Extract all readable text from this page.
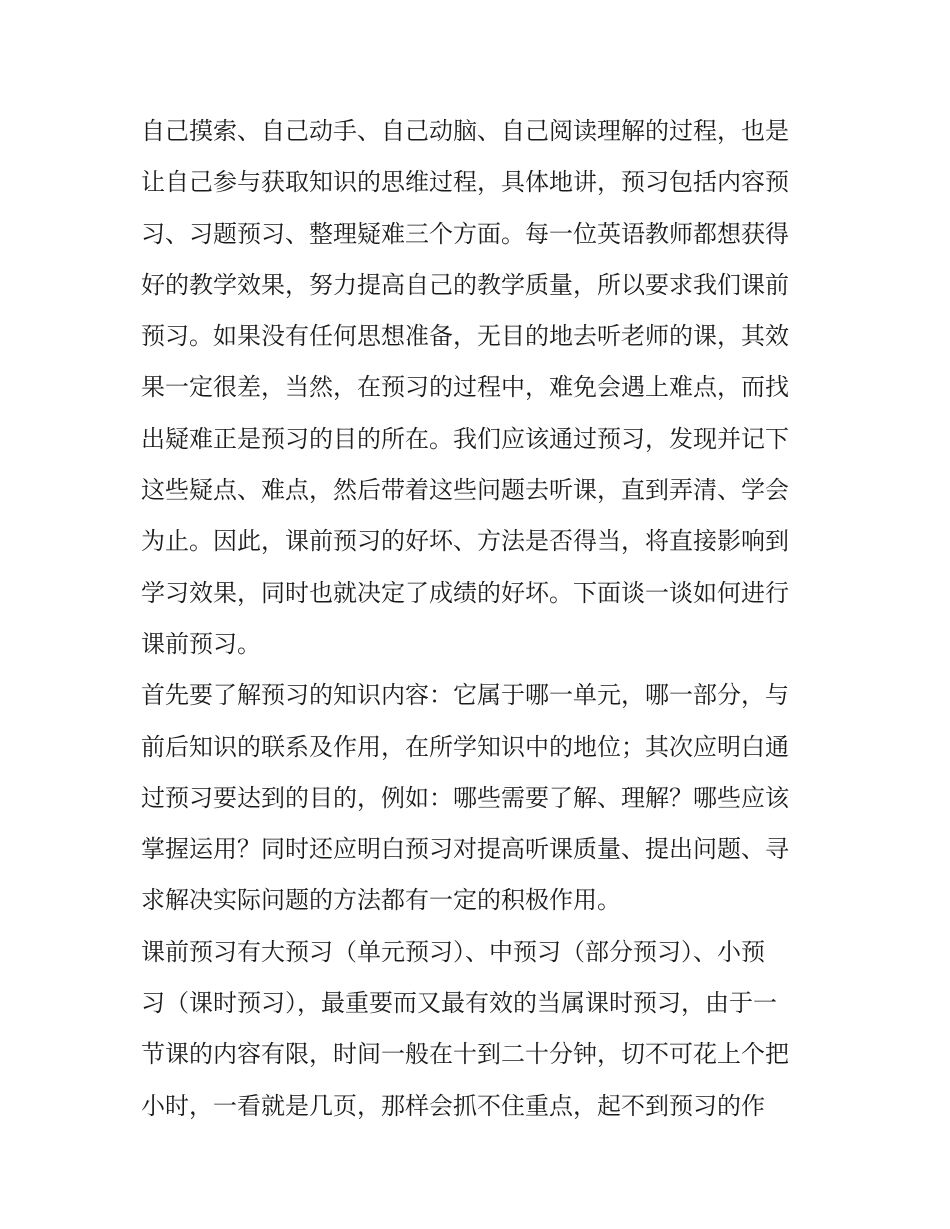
自己摸索、自己动手、自己动脑、自己阅读理解的过程，也是
让自己参与获取知识的思维过程，具体地讲，预习包括内容预
习、习题预习、整理疑难三个方面。每一位英语教师都想获得
好的教学效果，努力提高自己的教学质量，所以要求我们课前
预习。如果没有任何思想准备，无目的地去听老师的课，其效
果一定很差，当然，在预习的过程中，难免会遇上难点，而找
出疑难正是预习的目的所在。我们应该通过预习，发现并记下
这些疑点、难点，然后带着这些问题去听课，直到弄清、学会
为止。因此，课前预习的好坏、方法是否得当，将直接影响到
学习效果，同时也就决定了成绩的好坏。下面谈一谈如何进行
课前预习。
首先要了解预习的知识内容：它属于哪一单元，哪一部分，与
前后知识的联系及作用，在所学知识中的地位；其次应明白通
过预习要达到的目的，例如：哪些需要了解、理解？哪些应该
掌握运用？同时还应明白预习对提高听课质量、提出问题、寻
求解决实际问题的方法都有一定的积极作用。
课前预习有大预习（单元预习）、中预习（部分预习）、小预
习（课时预习），最重要而又最有效的当属课时预习，由于一
节课的内容有限，时间一般在十到二十分钟，切不可花上个把
小时，一看就是几页，那样会抓不住重点，起不到预习的作
